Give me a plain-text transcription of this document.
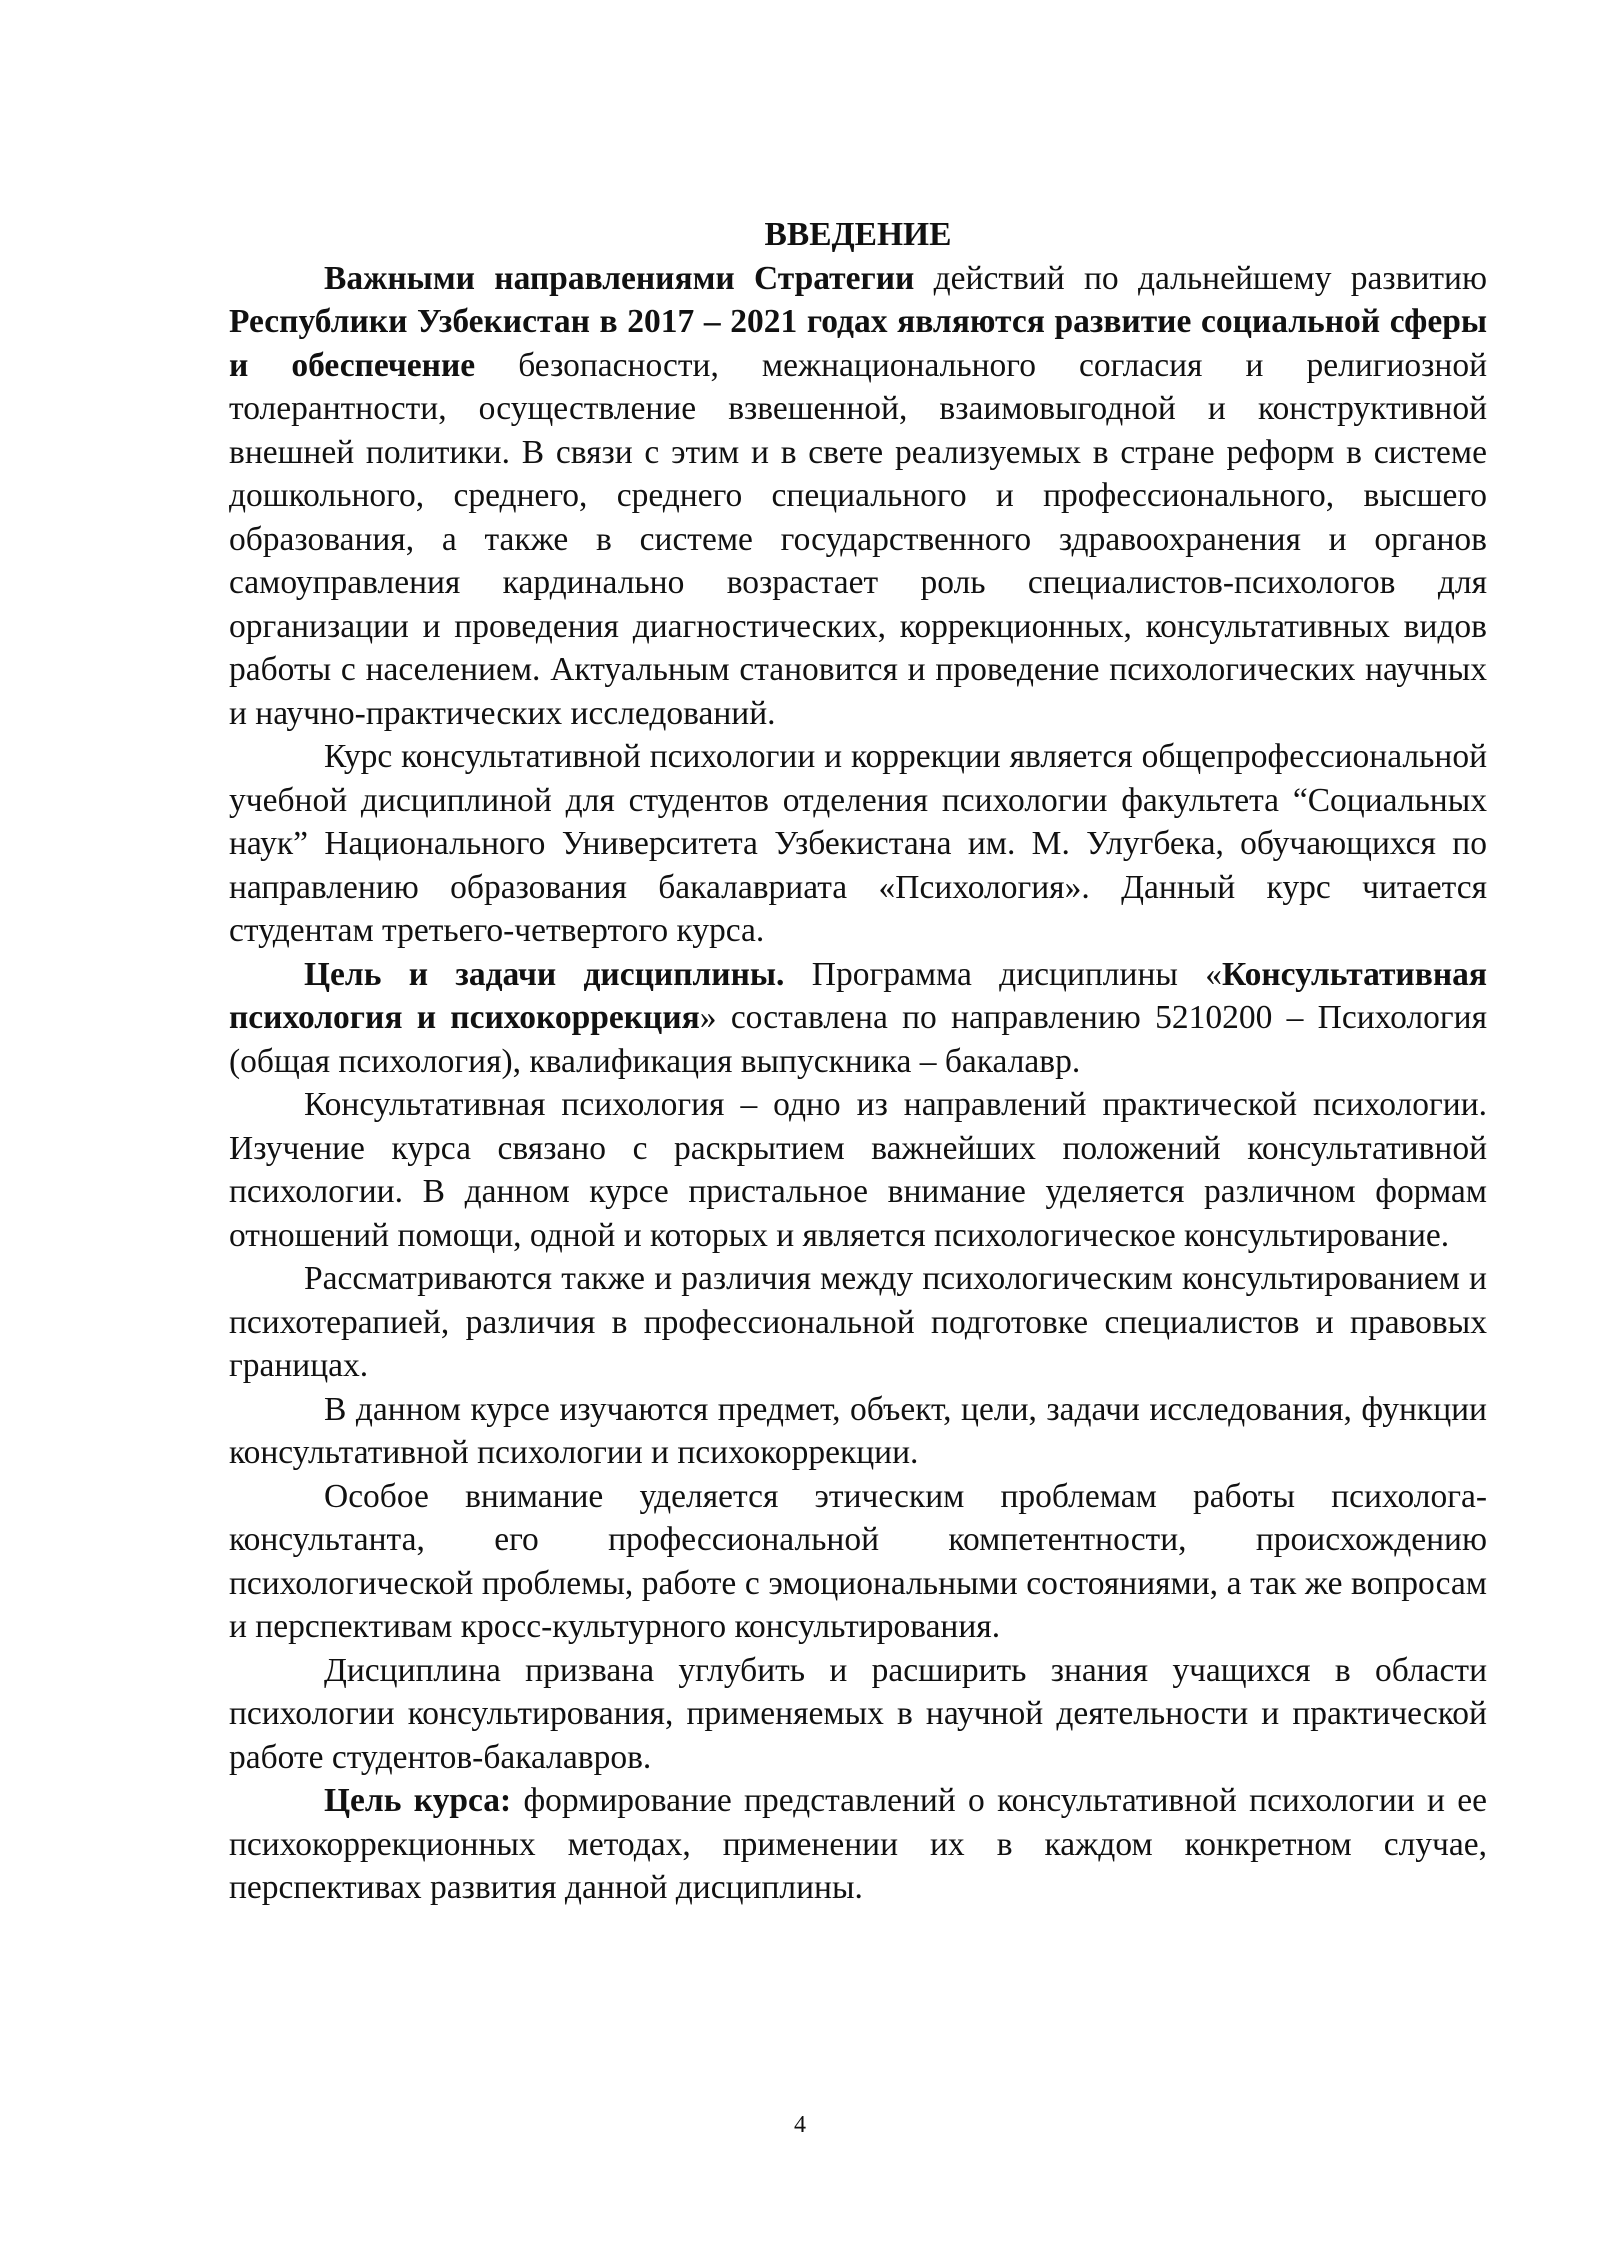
ВВЕДЕНИЕ

Важными направлениями Стратегии действий по дальнейшему развитию Республики Узбекистан в 2017 – 2021 годах являются развитие социальной сферы и обеспечение безопасности, межнационального согласия и религиозной толерантности, осуществление взвешенной, взаимовыгодной и конструктивной внешней политики. В связи с этим и в свете реализуемых в стране реформ в системе дошкольного, среднего, среднего специального и профессионального, высшего образования, а также в системе государственного здравоохранения и органов самоуправления кардинально возрастает роль специалистов-психологов для организации и проведения диагностических, коррекционных, консультативных видов работы с населением. Актуальным становится и проведение психологических научных и научно-практических исследований.

Курс консультативной психологии и коррекции является общепрофессиональной учебной дисциплиной для студентов отделения психологии факультета “Социальных наук” Национального Университета Узбекистана им. М. Улугбека, обучающихся по направлению образования бакалавриата «Психология». Данный курс читается студентам третьего-четвертого курса.

Цель и задачи дисциплины. Программа дисциплины «Консультативная психология и психокоррекция» составлена по направлению 5210200 – Психология (общая психология), квалификация выпускника – бакалавр.

Консультативная психология – одно из направлений практической психологии. Изучение курса связано с раскрытием важнейших положений консультативной психологии. В данном курсе пристальное внимание уделяется различном формам отношений помощи, одной и которых и является психологическое консультирование.

Рассматриваются также и различия между психологическим консультированием и психотерапией, различия в профессиональной подготовке специалистов и правовых границах.

В данном курсе изучаются предмет, объект, цели, задачи исследования, функции консультативной психологии и психокоррекции.

Особое внимание уделяется этическим проблемам работы психолога-консультанта, его профессиональной компетентности, происхождению психологической проблемы, работе с эмоциональными состояниями, а так же вопросам и перспективам кросс-культурного консультирования.

Дисциплина призвана углубить и расширить знания учащихся в области психологии консультирования, применяемых в научной деятельности и практической работе студентов-бакалавров.

Цель курса: формирование представлений о консультативной психологии и ее психокоррекционных методах, применении их в каждом конкретном случае, перспективах развития данной дисциплины.

4
